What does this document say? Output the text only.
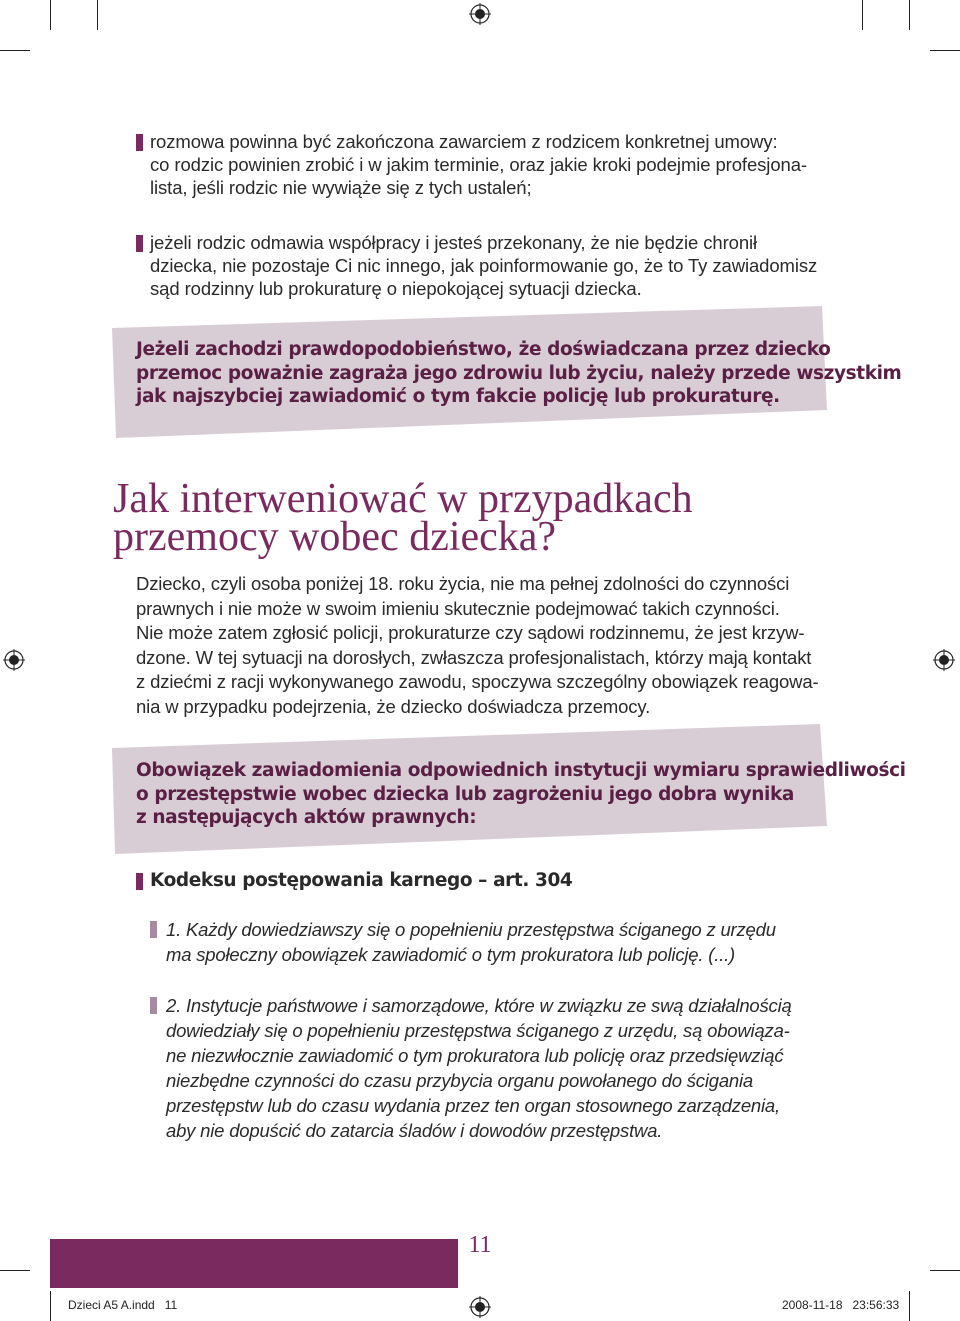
rozmowa powinna być zakończona zawarciem z rodzicem konkretnej umowy:
co rodzic powinien zrobić i w jakim terminie, oraz jakie kroki podejmie profesjona-
lista, jeśli rodzic nie wywiąże się z tych ustaleń;

jeżeli rodzic odmawia współpracy i jesteś przekonany, że nie będzie chronił
dziecka, nie pozostaje Ci nic innego, jak poinformowanie go, że to Ty zawiadomisz
sąd rodzinny lub prokuraturę o niepokojącej sytuacji dziecka.

Jeżeli zachodzi prawdopodobieństwo, że doświadczana przez dziecko
przemoc poważnie zagraża jego zdrowiu lub życiu, należy przede wszystkim
jak najszybciej zawiadomić o tym fakcie policję lub prokuraturę.
Jak interweniować w przypadkach
przemocy wobec dziecka?
Dziecko, czyli osoba poniżej 18. roku życia, nie ma pełnej zdolności do czynności
prawnych i nie może w swoim imieniu skutecznie podejmować takich czynności.
Nie może zatem zgłosić policji, prokuraturze czy sądowi rodzinnemu, że jest krzyw-
dzone. W tej sytuacji na dorosłych, zwłaszcza profesjonalistach, którzy mają kontakt
z dziećmi z racji wykonywanego zawodu, spoczywa szczególny obowiązek reagowa-
nia w przypadku podejrzenia, że dziecko doświadcza przemocy.
Obowiązek zawiadomienia odpowiednich instytucji wymiaru sprawiedliwości
o przestępstwie wobec dziecka lub zagrożeniu jego dobra wynika
z następujących aktów prawnych:
Kodeksu postępowania karnego – art. 304

1. Każdy dowiedziawszy się o popełnieniu przestępstwa ściganego z urzędu
ma społeczny obowiązek zawiadomić o tym prokuratora lub policję. (...)

2. Instytucje państwowe i samorządowe, które w związku ze swą działalnością
dowiedziały się o popełnieniu przestępstwa ściganego z urzędu, są obowiąza-
ne niezwłocznie zawiadomić o tym prokuratora lub policję oraz przedsięwziąć
niezbędne czynności do czasu przybycia organu powołanego do ścigania
przestępstw lub do czasu wydania przez ten organ stosownego zarządzenia,
aby nie dopuścić do zatarcia śladów i dowodów przestępstwa.

11
Dzieci A5 A.indd   11	2008-11-18   23:56:33
